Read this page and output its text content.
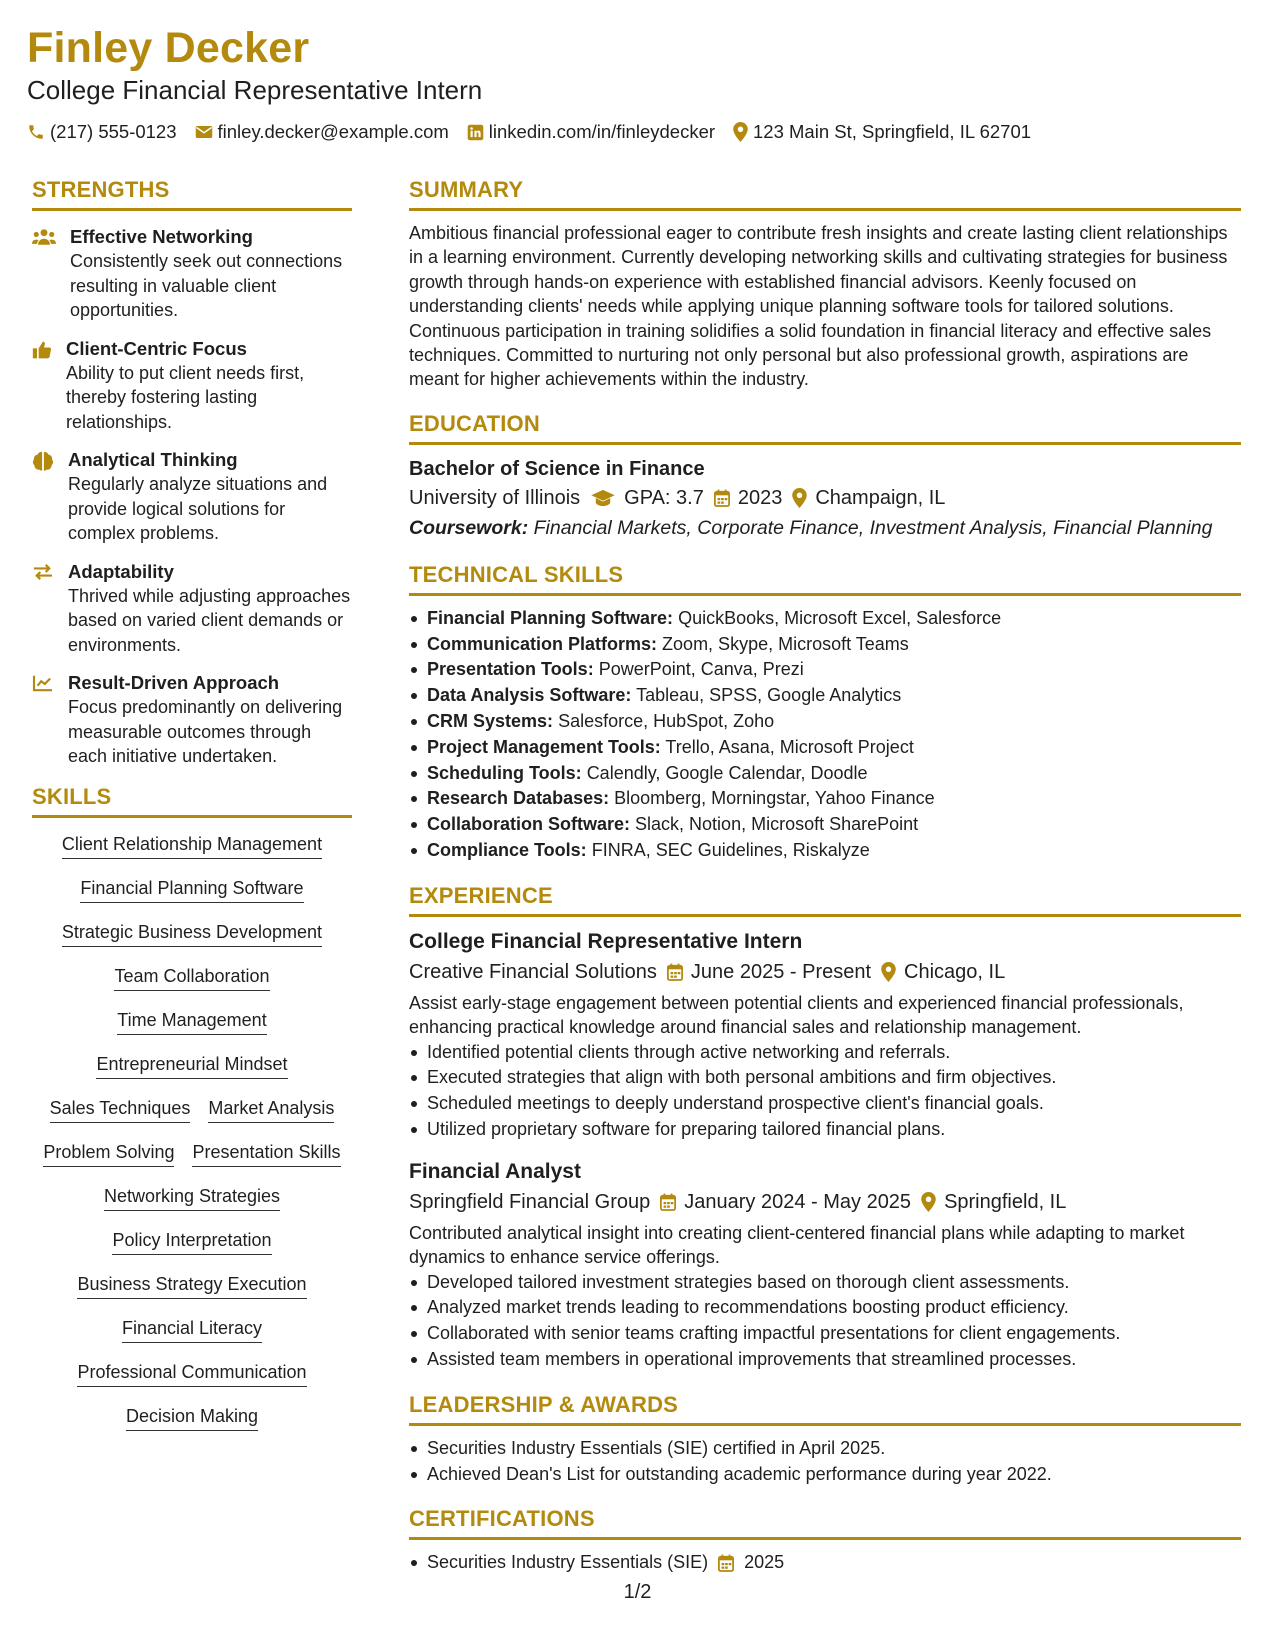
Finley Decker
College Financial Representative Intern
(217) 555-0123 finley.decker@example.com linkedin.com/in/finleydecker 123 Main St, Springfield, IL 62701
STRENGTHS
Effective Networking
Consistently seek out connections resulting in valuable client opportunities.
Client-Centric Focus
Ability to put client needs first, thereby fostering lasting relationships.
Analytical Thinking
Regularly analyze situations and provide logical solutions for complex problems.
Adaptability
Thrived while adjusting approaches based on varied client demands or environments.
Result-Driven Approach
Focus predominantly on delivering measurable outcomes through each initiative undertaken.
SKILLS
Client Relationship Management
Financial Planning Software
Strategic Business Development
Team Collaboration
Time Management
Entrepreneurial Mindset
Sales Techniques Market Analysis
Problem Solving Presentation Skills
Networking Strategies
Policy Interpretation
Business Strategy Execution
Financial Literacy
Professional Communication
Decision Making
SUMMARY
Ambitious financial professional eager to contribute fresh insights and create lasting client relationships in a learning environment. Currently developing networking skills and cultivating strategies for business growth through hands-on experience with established financial advisors. Keenly focused on understanding clients' needs while applying unique planning software tools for tailored solutions. Continuous participation in training solidifies a solid foundation in financial literacy and effective sales techniques. Committed to nurturing not only personal but also professional growth, aspirations are meant for higher achievements within the industry.
EDUCATION
Bachelor of Science in Finance
University of Illinois GPA: 3.7 2023 Champaign, IL
Coursework: Financial Markets, Corporate Finance, Investment Analysis, Financial Planning
TECHNICAL SKILLS
Financial Planning Software: QuickBooks, Microsoft Excel, Salesforce
Communication Platforms: Zoom, Skype, Microsoft Teams
Presentation Tools: PowerPoint, Canva, Prezi
Data Analysis Software: Tableau, SPSS, Google Analytics
CRM Systems: Salesforce, HubSpot, Zoho
Project Management Tools: Trello, Asana, Microsoft Project
Scheduling Tools: Calendly, Google Calendar, Doodle
Research Databases: Bloomberg, Morningstar, Yahoo Finance
Collaboration Software: Slack, Notion, Microsoft SharePoint
Compliance Tools: FINRA, SEC Guidelines, Riskalyze
EXPERIENCE
College Financial Representative Intern
Creative Financial Solutions June 2025 - Present Chicago, IL
Assist early-stage engagement between potential clients and experienced financial professionals, enhancing practical knowledge around financial sales and relationship management.
Identified potential clients through active networking and referrals.
Executed strategies that align with both personal ambitions and firm objectives.
Scheduled meetings to deeply understand prospective client's financial goals.
Utilized proprietary software for preparing tailored financial plans.
Financial Analyst
Springfield Financial Group January 2024 - May 2025 Springfield, IL
Contributed analytical insight into creating client-centered financial plans while adapting to market dynamics to enhance service offerings.
Developed tailored investment strategies based on thorough client assessments.
Analyzed market trends leading to recommendations boosting product efficiency.
Collaborated with senior teams crafting impactful presentations for client engagements.
Assisted team members in operational improvements that streamlined processes.
LEADERSHIP & AWARDS
Securities Industry Essentials (SIE) certified in April 2025.
Achieved Dean's List for outstanding academic performance during year 2022.
CERTIFICATIONS
Securities Industry Essentials (SIE) 2025
1/2
